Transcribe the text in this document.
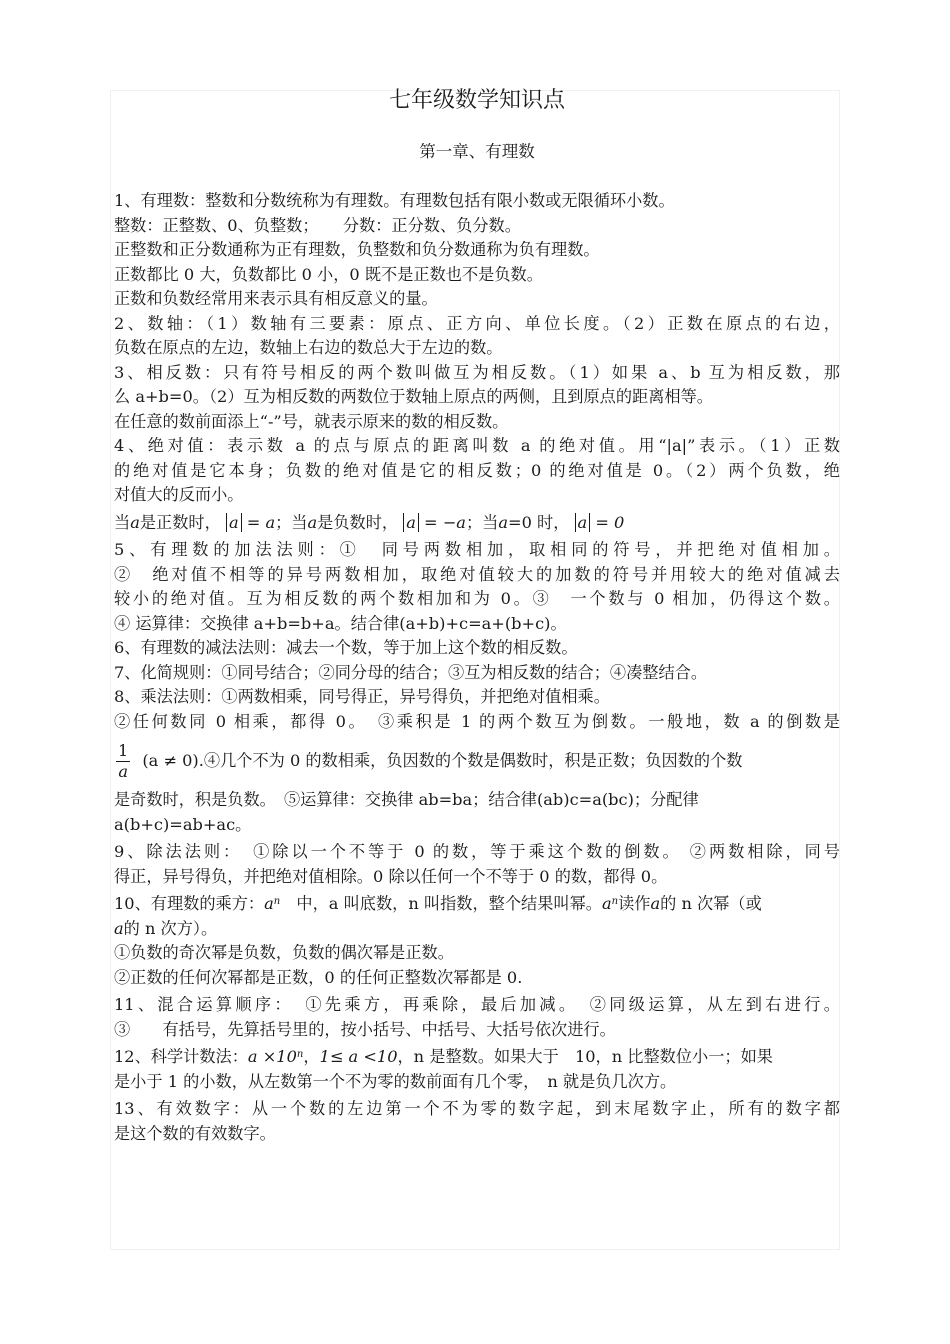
七年级数学知识点
第一章、有理数
1、有理数：整数和分数统称为有理数。有理数包括有限小数或无限循环小数。
整数：正整数、0、负整数；　　分数：正分数、负分数。
正整数和正分数通称为正有理数，负整数和负分数通称为负有理数。
正数都比 0 大，负数都比 0 小，0 既不是正数也不是负数。
正数和负数经常用来表示具有相反意义的量。
2、数轴：（1）数轴有三要素：原点、正方向、单位长度。（2）正数在原点的右边，
负数在原点的左边，数轴上右边的数总大于左边的数。
3、相反数：只有符号相反的两个数叫做互为相反数。（1）如果 a、b 互为相反数，那
么 a+b=0。（2）互为相反数的两数位于数轴上原点的两侧，且到原点的距离相等。
在任意的数前面添上“-”号，就表示原来的数的相反数。
4、绝对值：表示数 a 的点与原点的距离叫数 a 的绝对值。用“|a|”表示。（1）正数
的绝对值是它本身；负数的绝对值是它的相反数；0 的绝对值是 0。（2）两个负数，绝
对值大的反而小。
当a是正数时， a = a；当a是负数时， a = −a；当a=0 时， a = 0
5、有理数的加法法则：①　同号两数相加，取相同的符号，并把绝对值相加。
②　绝对值不相等的异号两数相加，取绝对值较大的加数的符号并用较大的绝对值减去
较小的绝对值。互为相反数的两个数相加和为 0。③　一个数与 0 相加，仍得这个数。
④ 运算律：交换律 a+b=b+a。结合律(a+b)+c=a+(b+c)。
6、有理数的减法法则：减去一个数，等于加上这个数的相反数。
7、化简规则：①同号结合；②同分母的结合；③互为相反数的结合；④凑整结合。
8、乘法法则：①两数相乘，同号得正，异号得负，并把绝对值相乘。
②任何数同 0 相乘，都得 0。　③乘积是 1 的两个数互为倒数。一般地，数 a 的倒数是
$\frac{1}{a} (a \ne 0)$ .④几个不为 0 的数相乘，负因数的个数是偶数时，积是正数；负因数的个数
是奇数时，积是负数。　⑤运算律：交换律 ab=ba；结合律(ab)c=a(bc)；分配律
a(b+c)=ab+ac。
9、除法法则：　①除以一个不等于 0 的数，等于乘这个数的倒数。 ②两数相除，同号
得正，异号得负，并把绝对值相除。0 除以任何一个不等于 0 的数，都得 0。
10、有理数的乘方：$a^n$　中，a 叫底数，n 叫指数，整个结果叫幂。$a^n$读作a的 n 次幂（或
a的 n 次方）。
①负数的奇次幂是负数，负数的偶次幂是正数。
②正数的任何次幂都是正数，0 的任何正整数次幂都是 0.
11、混合运算顺序：　①先乘方，再乘除，最后加减。　②同级运算，从左到右进行。
③　　有括号，先算括号里的，按小括号、中括号、大括号依次进行。
12、科学计数法：$a \times 10^n$，1≤ a <10，n 是整数。如果大于　10，n 比整数位小一；如果
是小于 1 的小数，从左数第一个不为零的数前面有几个零，　n 就是负几次方。
13、有效数字：从一个数的左边第一个不为零的数字起，到末尾数字止，所有的数字都
是这个数的有效数字。
